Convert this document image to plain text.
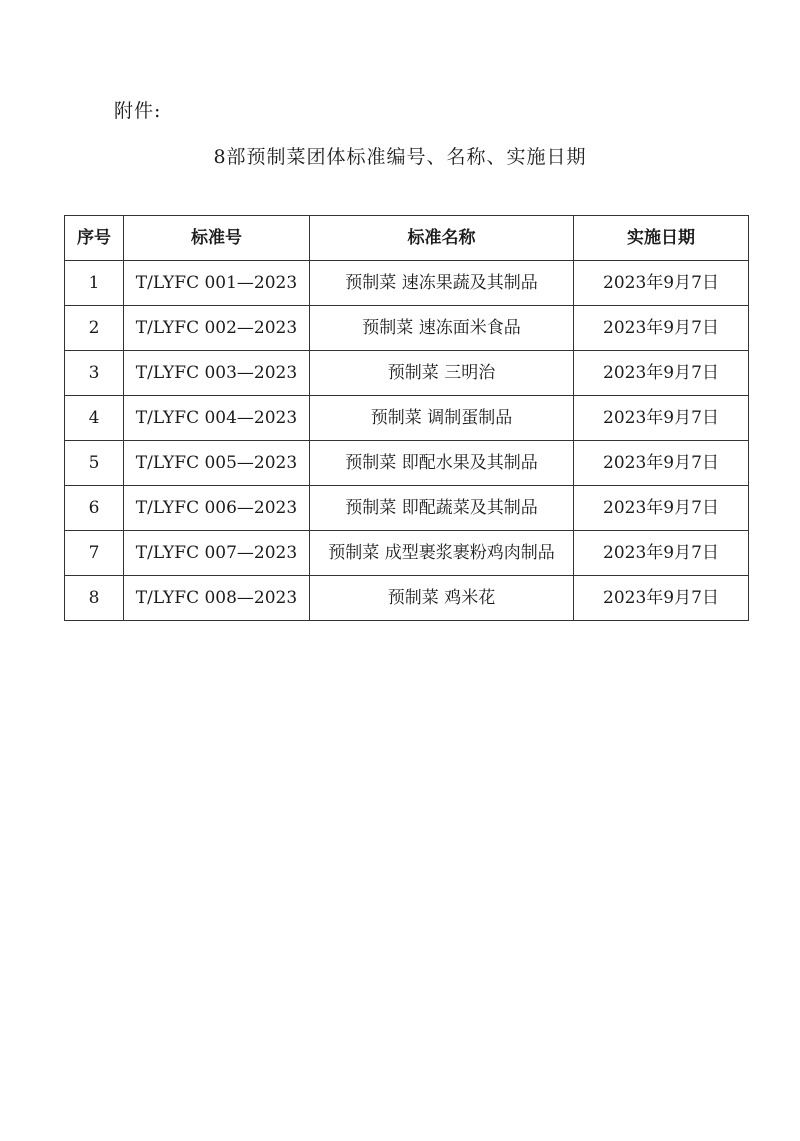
附件:
8部预制菜团体标准编号、名称、实施日期
序号	标准号	标准名称	实施日期
1	T/LYFC 001—2023	预制菜 速冻果蔬及其制品	2023年9月7日
2	T/LYFC 002—2023	预制菜 速冻面米食品	2023年9月7日
3	T/LYFC 003—2023	预制菜 三明治	2023年9月7日
4	T/LYFC 004—2023	预制菜 调制蛋制品	2023年9月7日
5	T/LYFC 005—2023	预制菜 即配水果及其制品	2023年9月7日
6	T/LYFC 006—2023	预制菜 即配蔬菜及其制品	2023年9月7日
7	T/LYFC 007—2023	预制菜 成型裹浆裹粉鸡肉制品	2023年9月7日
8	T/LYFC 008—2023	预制菜 鸡米花	2023年9月7日
